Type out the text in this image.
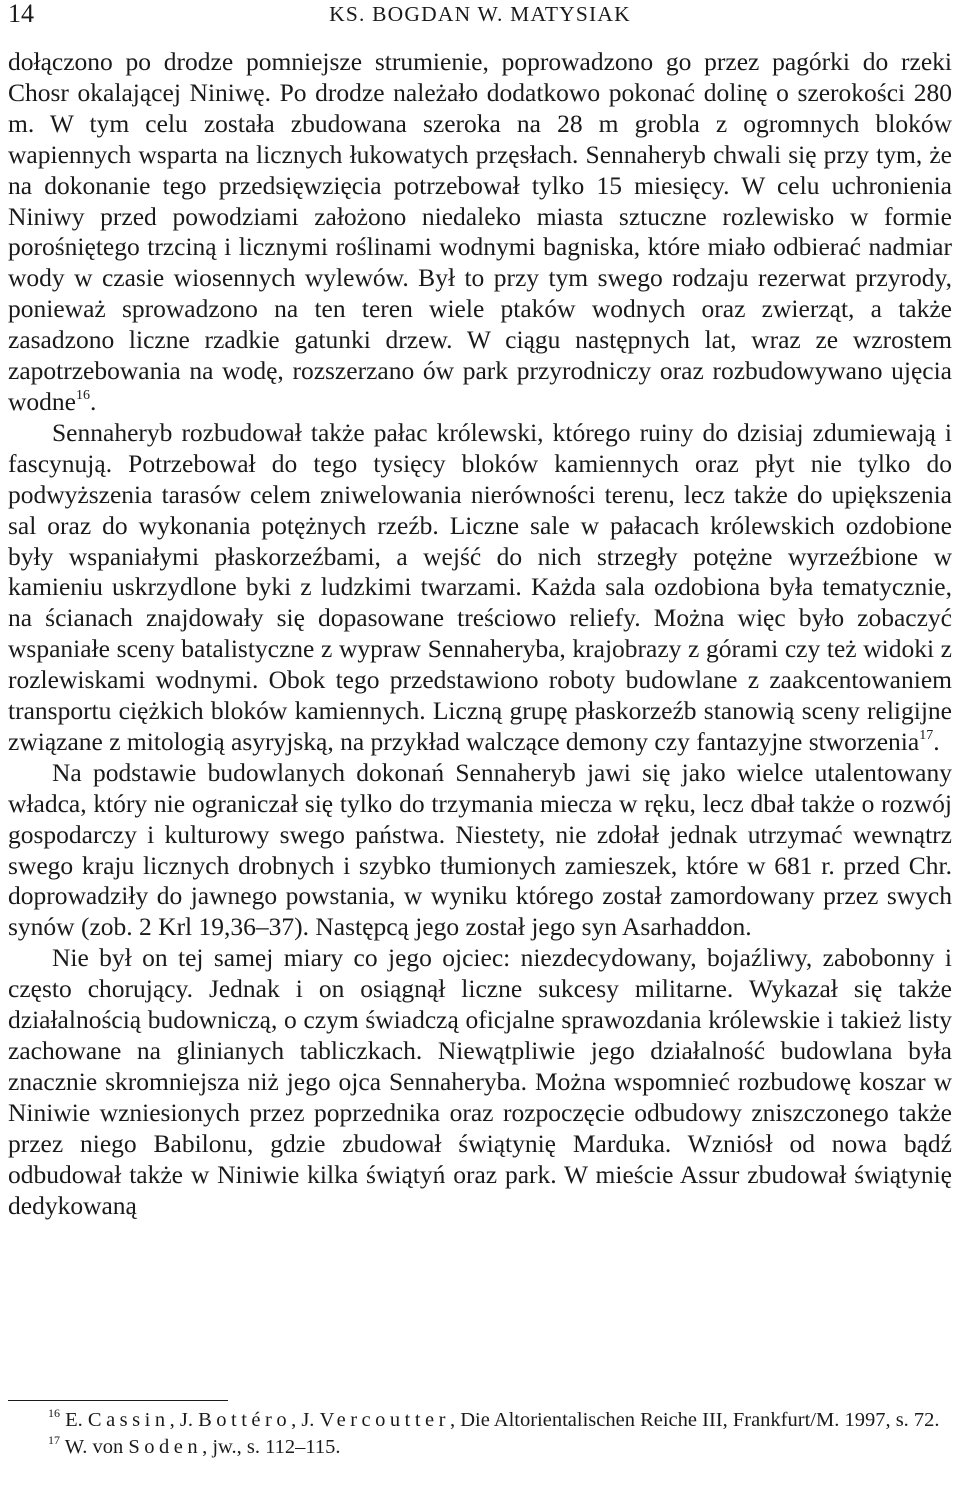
14	KS. BOGDAN W. MATYSIAK

dołączono po drodze pomniejsze strumienie, poprowadzono go przez pagórki do rzeki Chosr okalającej Niniwę. Po drodze należało dodatkowo pokonać dolinę o szerokości 280 m. W tym celu została zbudowana szeroka na 28 m grobla z ogromnych bloków wapiennych wsparta na licznych łukowatych przęsłach. Sennaheryb chwali się przy tym, że na dokonanie tego przedsięwzięcia potrzebował tylko 15 miesięcy. W celu uchronienia Niniwy przed powodziami założono niedaleko miasta sztuczne rozlewisko w formie porośniętego trzciną i licznymi roślinami wodnymi bagniska, które miało odbierać nadmiar wody w czasie wiosennych wylewów. Był to przy tym swego rodzaju rezerwat przyrody, ponieważ sprowadzono na ten teren wiele ptaków wodnych oraz zwierząt, a także zasadzono liczne rzadkie gatunki drzew. W ciągu następnych lat, wraz ze wzrostem zapotrzebowania na wodę, rozszerzano ów park przyrodniczy oraz rozbudowywano ujęcia wodne$^{16}$.

Sennaheryb rozbudował także pałac królewski, którego ruiny do dzisiaj zdumiewają i fascynują. Potrzebował do tego tysięcy bloków kamiennych oraz płyt nie tylko do podwyższenia tarasów celem zniwelowania nierówności terenu, lecz także do upiększenia sal oraz do wykonania potężnych rzeźb. Liczne sale w pałacach królewskich ozdobione były wspaniałymi płaskorzeźbami, a wejść do nich strzegły potężne wyrzeźbione w kamieniu uskrzydlone byki z ludzkimi twarzami. Każda sala ozdobiona była tematycznie, na ścianach znajdowały się dopasowane treściowo reliefy. Można więc było zobaczyć wspaniałe sceny batalistyczne z wypraw Sennaheryba, krajobrazy z górami czy też widoki z rozlewiskami wodnymi. Obok tego przedstawiono roboty budowlane z zaakcentowaniem transportu ciężkich bloków kamiennych. Liczną grupę płaskorzeźb stanowią sceny religijne związane z mitologią asyryjską, na przykład walczące demony czy fantazyjne stworzenia$^{17}$.

Na podstawie budowlanych dokonań Sennaheryb jawi się jako wielce utalentowany władca, który nie ograniczał się tylko do trzymania miecza w ręku, lecz dbał także o rozwój gospodarczy i kulturowy swego państwa. Niestety, nie zdołał jednak utrzymać wewnątrz swego kraju licznych drobnych i szybko tłumionych zamieszek, które w 681 r. przed Chr. doprowadziły do jawnego powstania, w wyniku którego został zamordowany przez swych synów (zob. 2 Krl 19,36–37). Następcą jego został jego syn Asarhaddon.

Nie był on tej samej miary co jego ojciec: niezdecydowany, bojaźliwy, zabobonny i często chorujący. Jednak i on osiągnął liczne sukcesy militarne. Wykazał się także działalnością budowniczą, o czym świadczą oficjalne sprawozdania królewskie i takież listy zachowane na glinianych tabliczkach. Niewątpliwie jego działalność budowlana była znacznie skromniejsza niż jego ojca Sennaheryba. Można wspomnieć rozbudowę koszar w Niniwie wzniesionych przez poprzednika oraz rozpoczęcie odbudowy zniszczonego także przez niego Babilonu, gdzie zbudował świątynię Marduka. Wzniósł od nowa bądź odbudował także w Niniwie kilka świątyń oraz park. W mieście Assur zbudował świątynię dedykowaną

$^{16}$ E. Cassin, J. Bottéro, J. Vercoutter, Die Altorientalischen Reiche III, Frankfurt/M. 1997, s. 72.

$^{17}$ W. von Soden, jw., s. 112–115.
